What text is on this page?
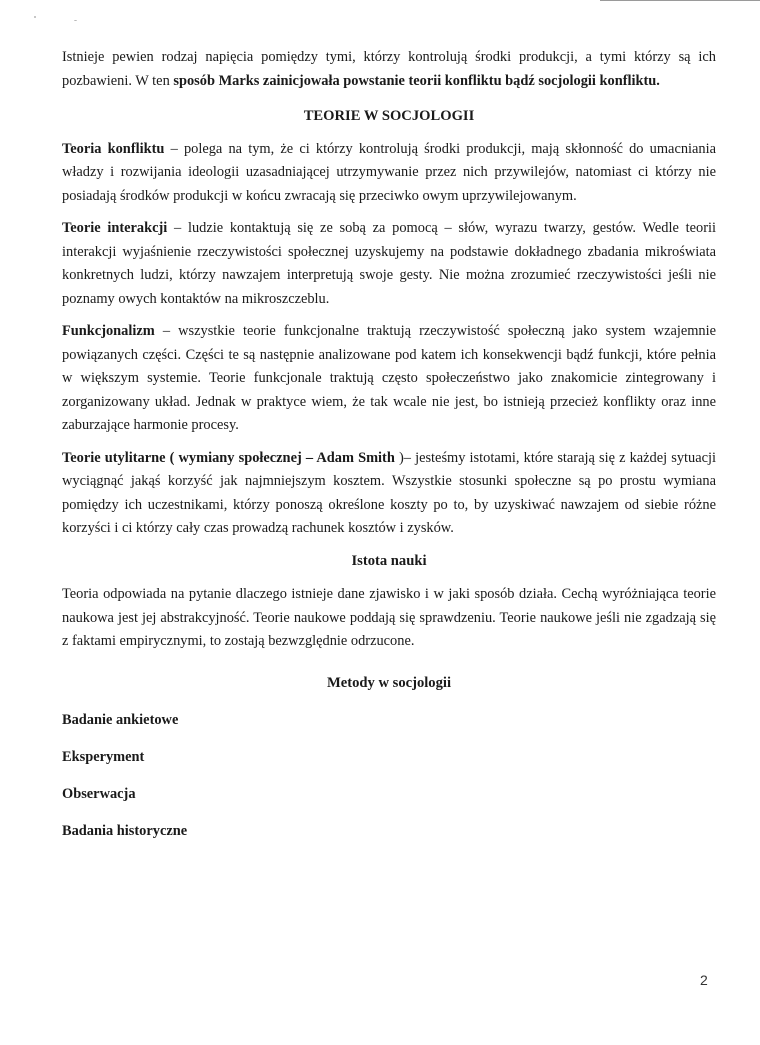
Istnieje pewien rodzaj napięcia pomiędzy tymi, którzy kontrolują środki produkcji, a tymi którzy są ich pozbawieni. W ten sposób Marks zainicjowała powstanie teorii konfliktu bądź socjologii konfliktu.

TEORIE W SOCJOLOGII

Teoria konfliktu – polega na tym, że ci którzy kontrolują środki produkcji, mają skłonność do umacniania władzy i rozwijania ideologii uzasadniającej utrzymywanie przez nich przywilejów, natomiast ci którzy nie posiadają środków produkcji w końcu zwracają się przeciwko owym uprzywilejowanym.

Teorie interakcji – ludzie kontaktują się ze sobą za pomocą – słów, wyrazu twarzy, gestów. Wedle teorii interakcji wyjaśnienie rzeczywistości społecznej uzyskujemy na podstawie dokładnego zbadania mikroświata konkretnych ludzi, którzy nawzajem interpretują swoje gesty. Nie można zrozumieć rzeczywistości jeśli nie poznamy owych kontaktów na mikroszczeblu.

Funkcjonalizm – wszystkie teorie funkcjonalne traktują rzeczywistość społeczną jako system wzajemnie powiązanych części. Części te są następnie analizowane pod katem ich konsekwencji bądź funkcji, które pełnia w większym systemie. Teorie funkcjonale traktują często społeczeństwo jako znakomicie zintegrowany i zorganizowany układ. Jednak w praktyce wiem, że tak wcale nie jest, bo istnieją przecież konflikty oraz inne zaburzające harmonie procesy.

Teorie utylitarne ( wymiany społecznej – Adam Smith )– jesteśmy istotami, które starają się z każdej sytuacji wyciągnąć jakąś korzyść jak najmniejszym kosztem. Wszystkie stosunki społeczne są po prostu wymiana pomiędzy ich uczestnikami, którzy ponoszą określone koszty po to, by uzyskiwać nawzajem od siebie różne korzyści i ci którzy cały czas prowadzą rachunek kosztów i zysków.

Istota nauki

Teoria odpowiada na pytanie dlaczego istnieje dane zjawisko i w jaki sposób działa. Cechą wyróżniająca teorie naukowa jest jej abstrakcyjność. Teorie naukowe poddają się sprawdzeniu. Teorie naukowe jeśli nie zgadzają się z faktami empirycznymi, to zostają bezwzględnie odrzucone.

Metody w socjologii
Badanie ankietowe
Eksperyment
Obserwacja
Badania historyczne
2
